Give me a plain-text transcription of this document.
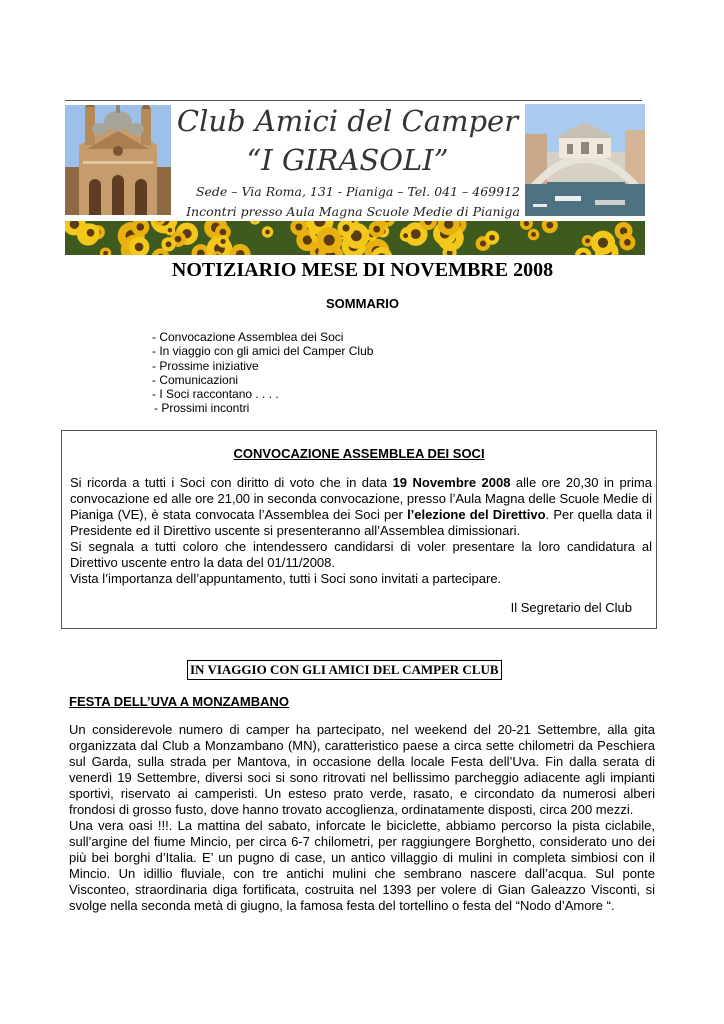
Club Amici del Camper
“I GIRASOLI”
Sede – Via Roma, 131 - Pianiga – Tel. 041 – 469912
Incontri presso Aula Magna Scuole Medie di Pianiga
NOTIZIARIO MESE DI NOVEMBRE 2008
SOMMARIO
- Convocazione Assemblea dei Soci
- In viaggio con gli amici del Camper Club
- Prossime iniziative
- Comunicazioni
- I Soci raccontano . . . .
- Prossimi incontri
CONVOCAZIONE ASSEMBLEA DEI SOCI
Si ricorda a tutti i Soci con diritto di voto che in data 19 Novembre 2008 alle ore 20,30 in prima convocazione ed alle ore 21,00 in seconda convocazione, presso l’Aula Magna delle Scuole Medie di Pianiga (VE), è stata convocata l’Assemblea dei Soci per l’elezione del Direttivo. Per quella data il Presidente ed il Direttivo uscente si presenteranno all’Assemblea dimissionari.
Si segnala a tutti coloro che intendessero candidarsi di voler presentare la loro candidatura al Direttivo uscente entro la data del 01/11/2008.
Vista l’importanza dell’appuntamento, tutti i Soci sono invitati a partecipare.
Il Segretario del Club
IN VIAGGIO CON GLI AMICI DEL CAMPER CLUB
FESTA DELL’UVA A MONZAMBANO

Un considerevole numero di camper ha partecipato, nel weekend del 20-21 Settembre, alla gita organizzata dal Club a Monzambano (MN), caratteristico paese a circa sette chilometri da Peschiera sul Garda, sulla strada per Mantova, in occasione della locale Festa dell’Uva. Fin dalla serata di venerdì 19 Settembre, diversi soci si sono ritrovati nel bellissimo parcheggio adiacente agli impianti sportivi, riservato ai camperisti. Un esteso prato verde, rasato, e circondato da numerosi alberi frondosi di grosso fusto, dove hanno trovato accoglienza, ordinatamente disposti, circa 200 mezzi.

Una vera oasi !!!. La mattina del sabato, inforcate le biciclette, abbiamo percorso la pista ciclabile, sull’argine del fiume Mincio, per circa 6-7 chilometri, per raggiungere Borghetto, considerato uno dei più bei borghi d’Italia. E’ un pugno di case, un antico villaggio di mulini in completa simbiosi con il Mincio. Un idillio fluviale, con tre antichi mulini che sembrano nascere dall’acqua. Sul ponte Visconteo, straordinaria diga fortificata, costruita nel 1393 per volere di Gian Galeazzo Visconti, si svolge nella seconda metà di giugno, la famosa festa del tortellino o festa del “Nodo d’Amore “.
